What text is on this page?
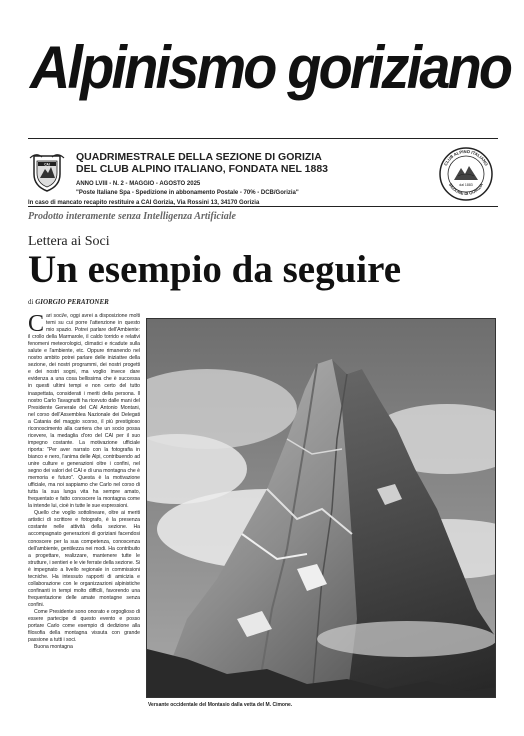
Alpinismo goriziano
CAI
QUADRIMESTRALE DELLA SEZIONE DI GORIZIA
DEL CLUB ALPINO ITALIANO, FONDATA NEL 1883
ANNO LVIII - N. 2 - MAGGIO - AGOSTO 2025
"Poste Italiane Spa - Spedizione in abbonamento Postale - 70% - DCB/Gorizia"
In caso di mancato recapito restituire a CAI Gorizia, Via Rossini 13, 34170 Gorizia
CLUB ALPINO ITALIANO
SEZIONE DI GORIZIA
dal 1883
Prodotto interamente senza Intelligenza Artificiale
Lettera ai Soci
Un esempio da seguire
di GIORGIO PERATONER

Cari soci/e, oggi avrei a disposizione molti temi su cui porre l'attenzione in questo mio spazio. Potrei parlare dell'Ambiente: il crollo della Marmarole, il caldo torrido e relativi fenomeni meteorologici, climatici e ricadute sulla salute e l'ambiente, etc. Oppure rimanendo nel nostro ambito potrei parlare delle iniziative della sezione, dei nostri programmi, dei nostri progetti e dei nostri sogni, ma voglio invece dare evidenza a una cosa bellissima che è successa in questi ultimi tempi e non certo del tutto inaspettata, considerati i meriti della persona. Il nostro Carlo Tavagnutti ha ricevuto dalle mani del Presidente Generale del CAI Antonio Montani, nel corso dell'Assemblea Nazionale dei Delegati a Catania del maggio scorso, il più prestigioso riconoscimento alla carriera che un socio possa ricevere, la medaglia d'oro del CAI per il suo impegno costante. La motivazione ufficiale riporta: "Per aver narrato con la fotografia in bianco e nero, l'anima delle Alpi, contribuendo ad unire culture e generazioni oltre i confini, nel segno dei valori del CAI e di una montagna che è memoria e futuro". Questa è la motivazione ufficiale, ma noi sappiamo che Carlo nel corso di tutta la sua lunga vita ha sempre amato, frequentato e fatto conoscere la montagna come la intende lui, cioè in tutte le sue espressioni.

Quello che voglio sottolineare, oltre ai meriti artistici di scrittore e fotografo, è la presenza costante nelle attività della sezione. Ha accompagnato generazioni di goriziani facendosi conoscere per la sua competenza, conoscenza dell'ambiente, gentilezza nei modi. Ha contribuito a progettare, realizzare, mantenere tutte le strutture, i sentieri e le vie ferrate della sezione. Si è impegnato a livello regionale in commissioni tecniche. Ha intessuto rapporti di amicizia e collaborazione con le organizzazioni alpinistiche confinanti in tempi molto difficili, favorendo una frequentazione delle amate montagne senza confini.

Come Presidente sono onorato e orgoglioso di essere partecipe di questo evento e posso portare Carlo come esempio di dedizione alla filosofia della montagna vissuta con grande passione a tutti i soci.

Buona montagna

Versante occidentale del Montasio dalla vetta del M. Cimone.
